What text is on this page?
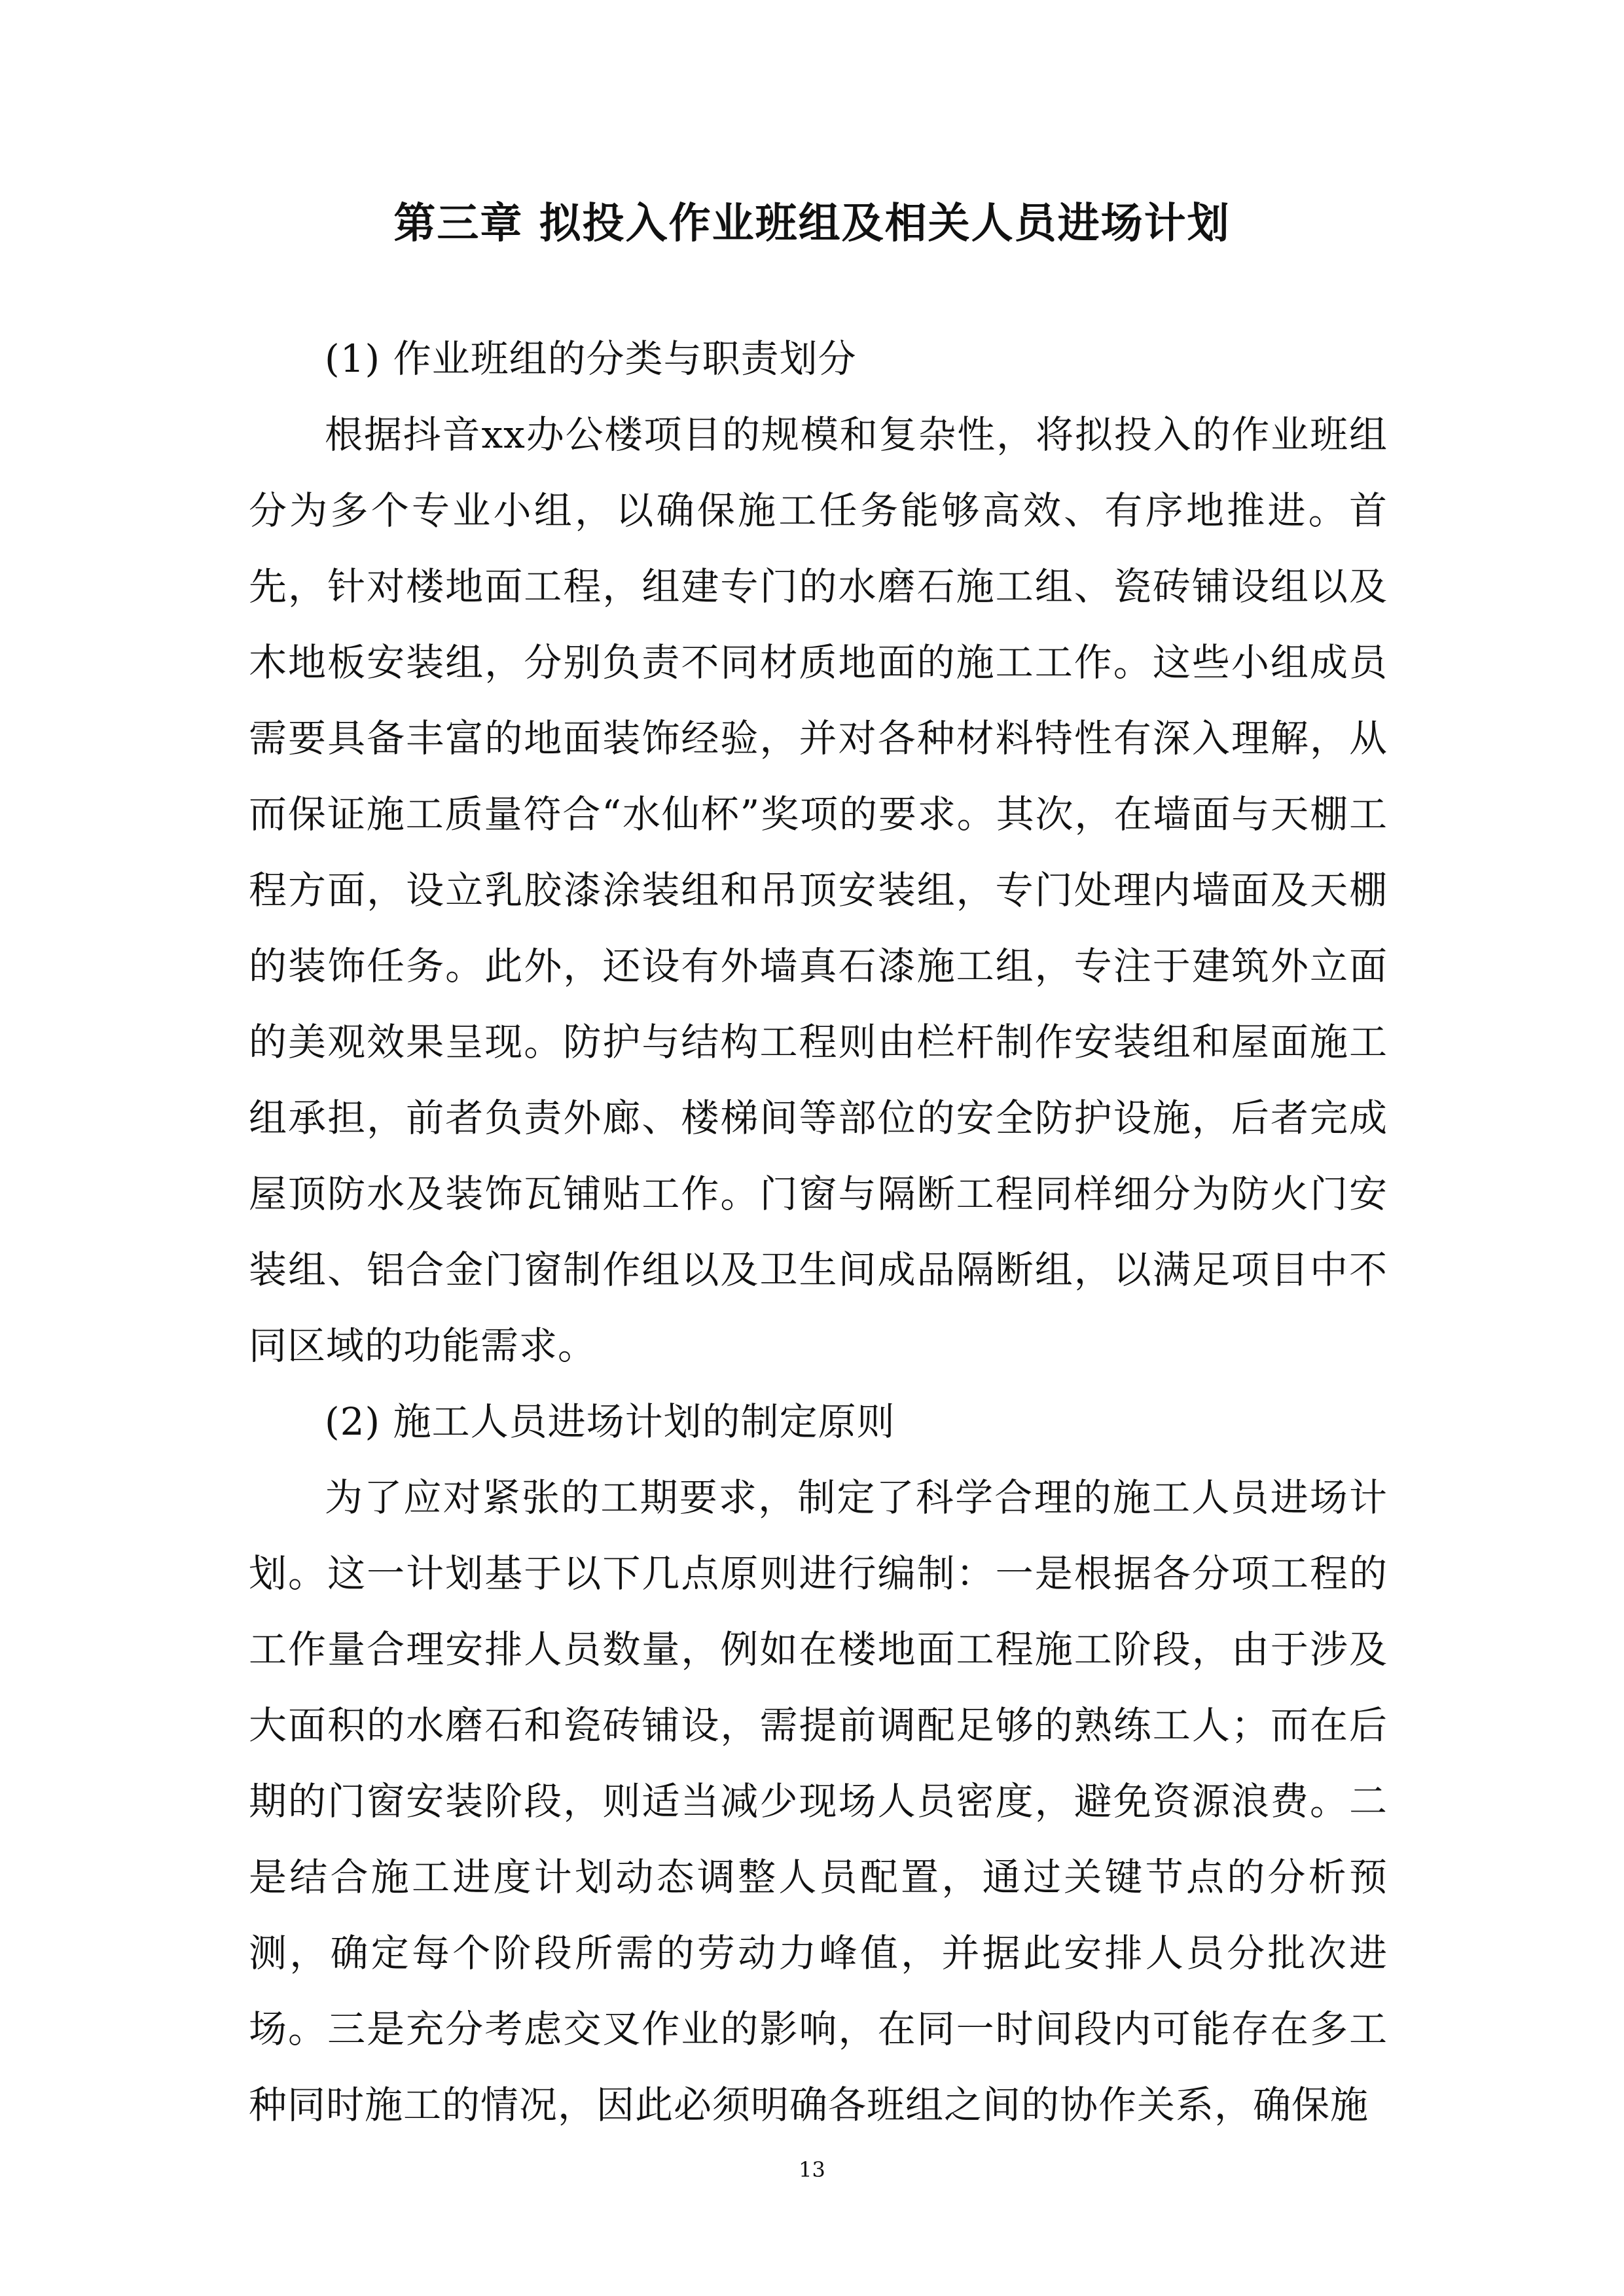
第三章 拟投入作业班组及相关人员进场计划

(1) 作业班组的分类与职责划分

根据抖音xx办公楼项目的规模和复杂性，将拟投入的作业班组分为多个专业小组，以确保施工任务能够高效、有序地推进。首先，针对楼地面工程，组建专门的水磨石施工组、瓷砖铺设组以及木地板安装组，分别负责不同材质地面的施工工作。这些小组成员需要具备丰富的地面装饰经验，并对各种材料特性有深入理解，从而保证施工质量符合“水仙杯”奖项的要求。其次，在墙面与天棚工程方面，设立乳胶漆涂装组和吊顶安装组，专门处理内墙面及天棚的装饰任务。此外，还设有外墙真石漆施工组，专注于建筑外立面的美观效果呈现。防护与结构工程则由栏杆制作安装组和屋面施工组承担，前者负责外廊、楼梯间等部位的安全防护设施，后者完成屋顶防水及装饰瓦铺贴工作。门窗与隔断工程同样细分为防火门安装组、铝合金门窗制作组以及卫生间成品隔断组，以满足项目中不同区域的功能需求。

(2) 施工人员进场计划的制定原则

为了应对紧张的工期要求，制定了科学合理的施工人员进场计划。这一计划基于以下几点原则进行编制：一是根据各分项工程的工作量合理安排人员数量，例如在楼地面工程施工阶段，由于涉及大面积的水磨石和瓷砖铺设，需提前调配足够的熟练工人；而在后期的门窗安装阶段，则适当减少现场人员密度，避免资源浪费。二是结合施工进度计划动态调整人员配置，通过关键节点的分析预测，确定每个阶段所需的劳动力峰值，并据此安排人员分批次进场。三是充分考虑交叉作业的影响，在同一时间段内可能存在多工种同时施工的情况，因此必须明确各班组之间的协作关系，确保施

13
